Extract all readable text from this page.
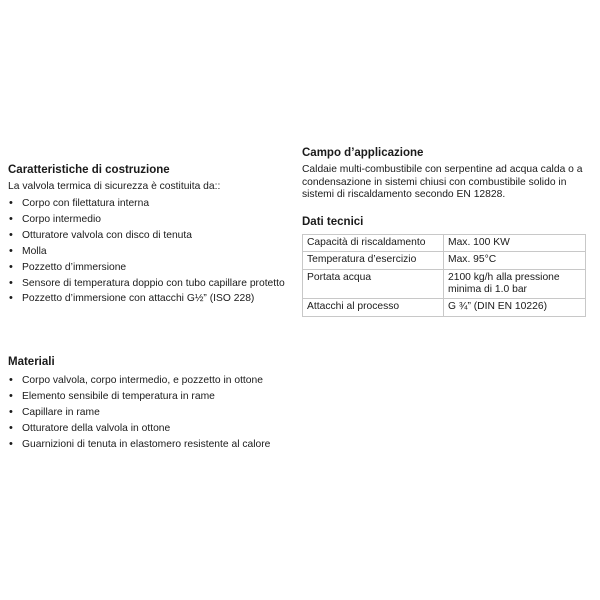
Caratteristiche di costruzione

La valvola termica di sicurezza è costituita da::

• Corpo con filettatura interna
• Corpo intermedio
• Otturatore valvola con disco di tenuta
• Molla
• Pozzetto d’immersione
• Sensore di temperatura doppio con tubo capillare protetto
• Pozzetto d’immersione con attacchi G½” (ISO 228)
Materiali
• Corpo valvola, corpo intermedio, e pozzetto in ottone
• Elemento sensibile di temperatura in rame
• Capillare in rame
• Otturatore della valvola in ottone
• Guarnizioni di tenuta in elastomero resistente al calore
Campo d’applicazione

Caldaie multi-combustibile con serpentine ad acqua calda o a
condensazione in sistemi chiusi con combustibile solido in
sistemi di riscaldamento secondo EN 12828.

Dati tecnici
Capacità di riscaldamento	Max. 100 KW
Temperatura d’esercizio	Max. 95°C
Portata acqua	2100 kg/h alla pressione
minima di 1.0 bar
Attacchi al processo	G ¾” (DIN EN 10226)
